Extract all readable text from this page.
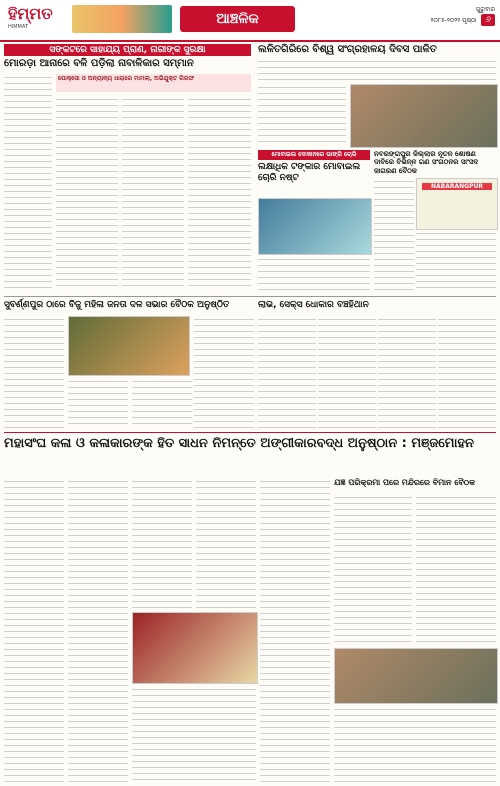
ହିମ୍ମତ
HIMMAT	ଆଞ୍ଚଳିକ
ଗୁରୁବାର
୨୦୮୫-୨୦୨୨ ପୃଷ୍ଠା ୬
ସଙ୍କଟରେ ସାହାଯ୍ୟ ପ୍ରାଣ, ନାରୀଙ୍କ ସୁରକ୍ଷା
ମୋରଡ଼ା ଆନାରେ ବଳି ପଡ଼ିଲା ନାବାଳିକାର ସମ୍ମାନ
ପୋକ୍ସୋ ଓ ଅନ୍ୟାନ୍ୟ ଧାରାରେ ମାମଲା, ଅଭିଯୁକ୍ତ ଗିରଫ
ଲଳିତଗିରିରେ ବିଶ୍ୱ ସଂଗ୍ରହାଳୟ ଦିବସ ପାଳିତ
ମୋବାଇଲ ଦୋକାନରେ ଭାଙ୍ଗି ଚୋରି
ଲକ୍ଷାଧିକ ଟଙ୍କାର ମୋବାଇଲ ଚୋରି ନଷ୍ଟ
ନବରଙ୍ଗପୁର ଜିଲ୍ଲାର ନୂତନ ଶୋଷଣ ଦାବିରେ ବିଭିନ୍ନ ଗଣ ସଂଗଠନର ସାଂସଦ ଜାଗରଣ ବୈଠକ
NABARANGPUR
ସୁବର୍ଣ୍ଣପୁର ଠାରେ ବିଜୁ ମହିଳା ଜନତା ଦଳ ସଭାର ବୈଠକ ଅନୁଷ୍ଠିତ	ଲାଭ, ସେକ୍ସ ଧୋକାର ବଞ୍ଚହିଥାନ
ମହାସଂଘ କଳା ଓ କଳାକାରଙ୍କ ହିତ ସାଧନ ନିମନ୍ତେ ଅଙ୍ଗୀକାରବଦ୍ଧ ଅନୁଷ୍ଠାନ : ମଞ୍ଜମୋହନ
ଯଜ୍ଞ ପରିକ୍ରମା ପରେ ମନ୍ଦିରରେ ବିମାନ ବୈଠକ
